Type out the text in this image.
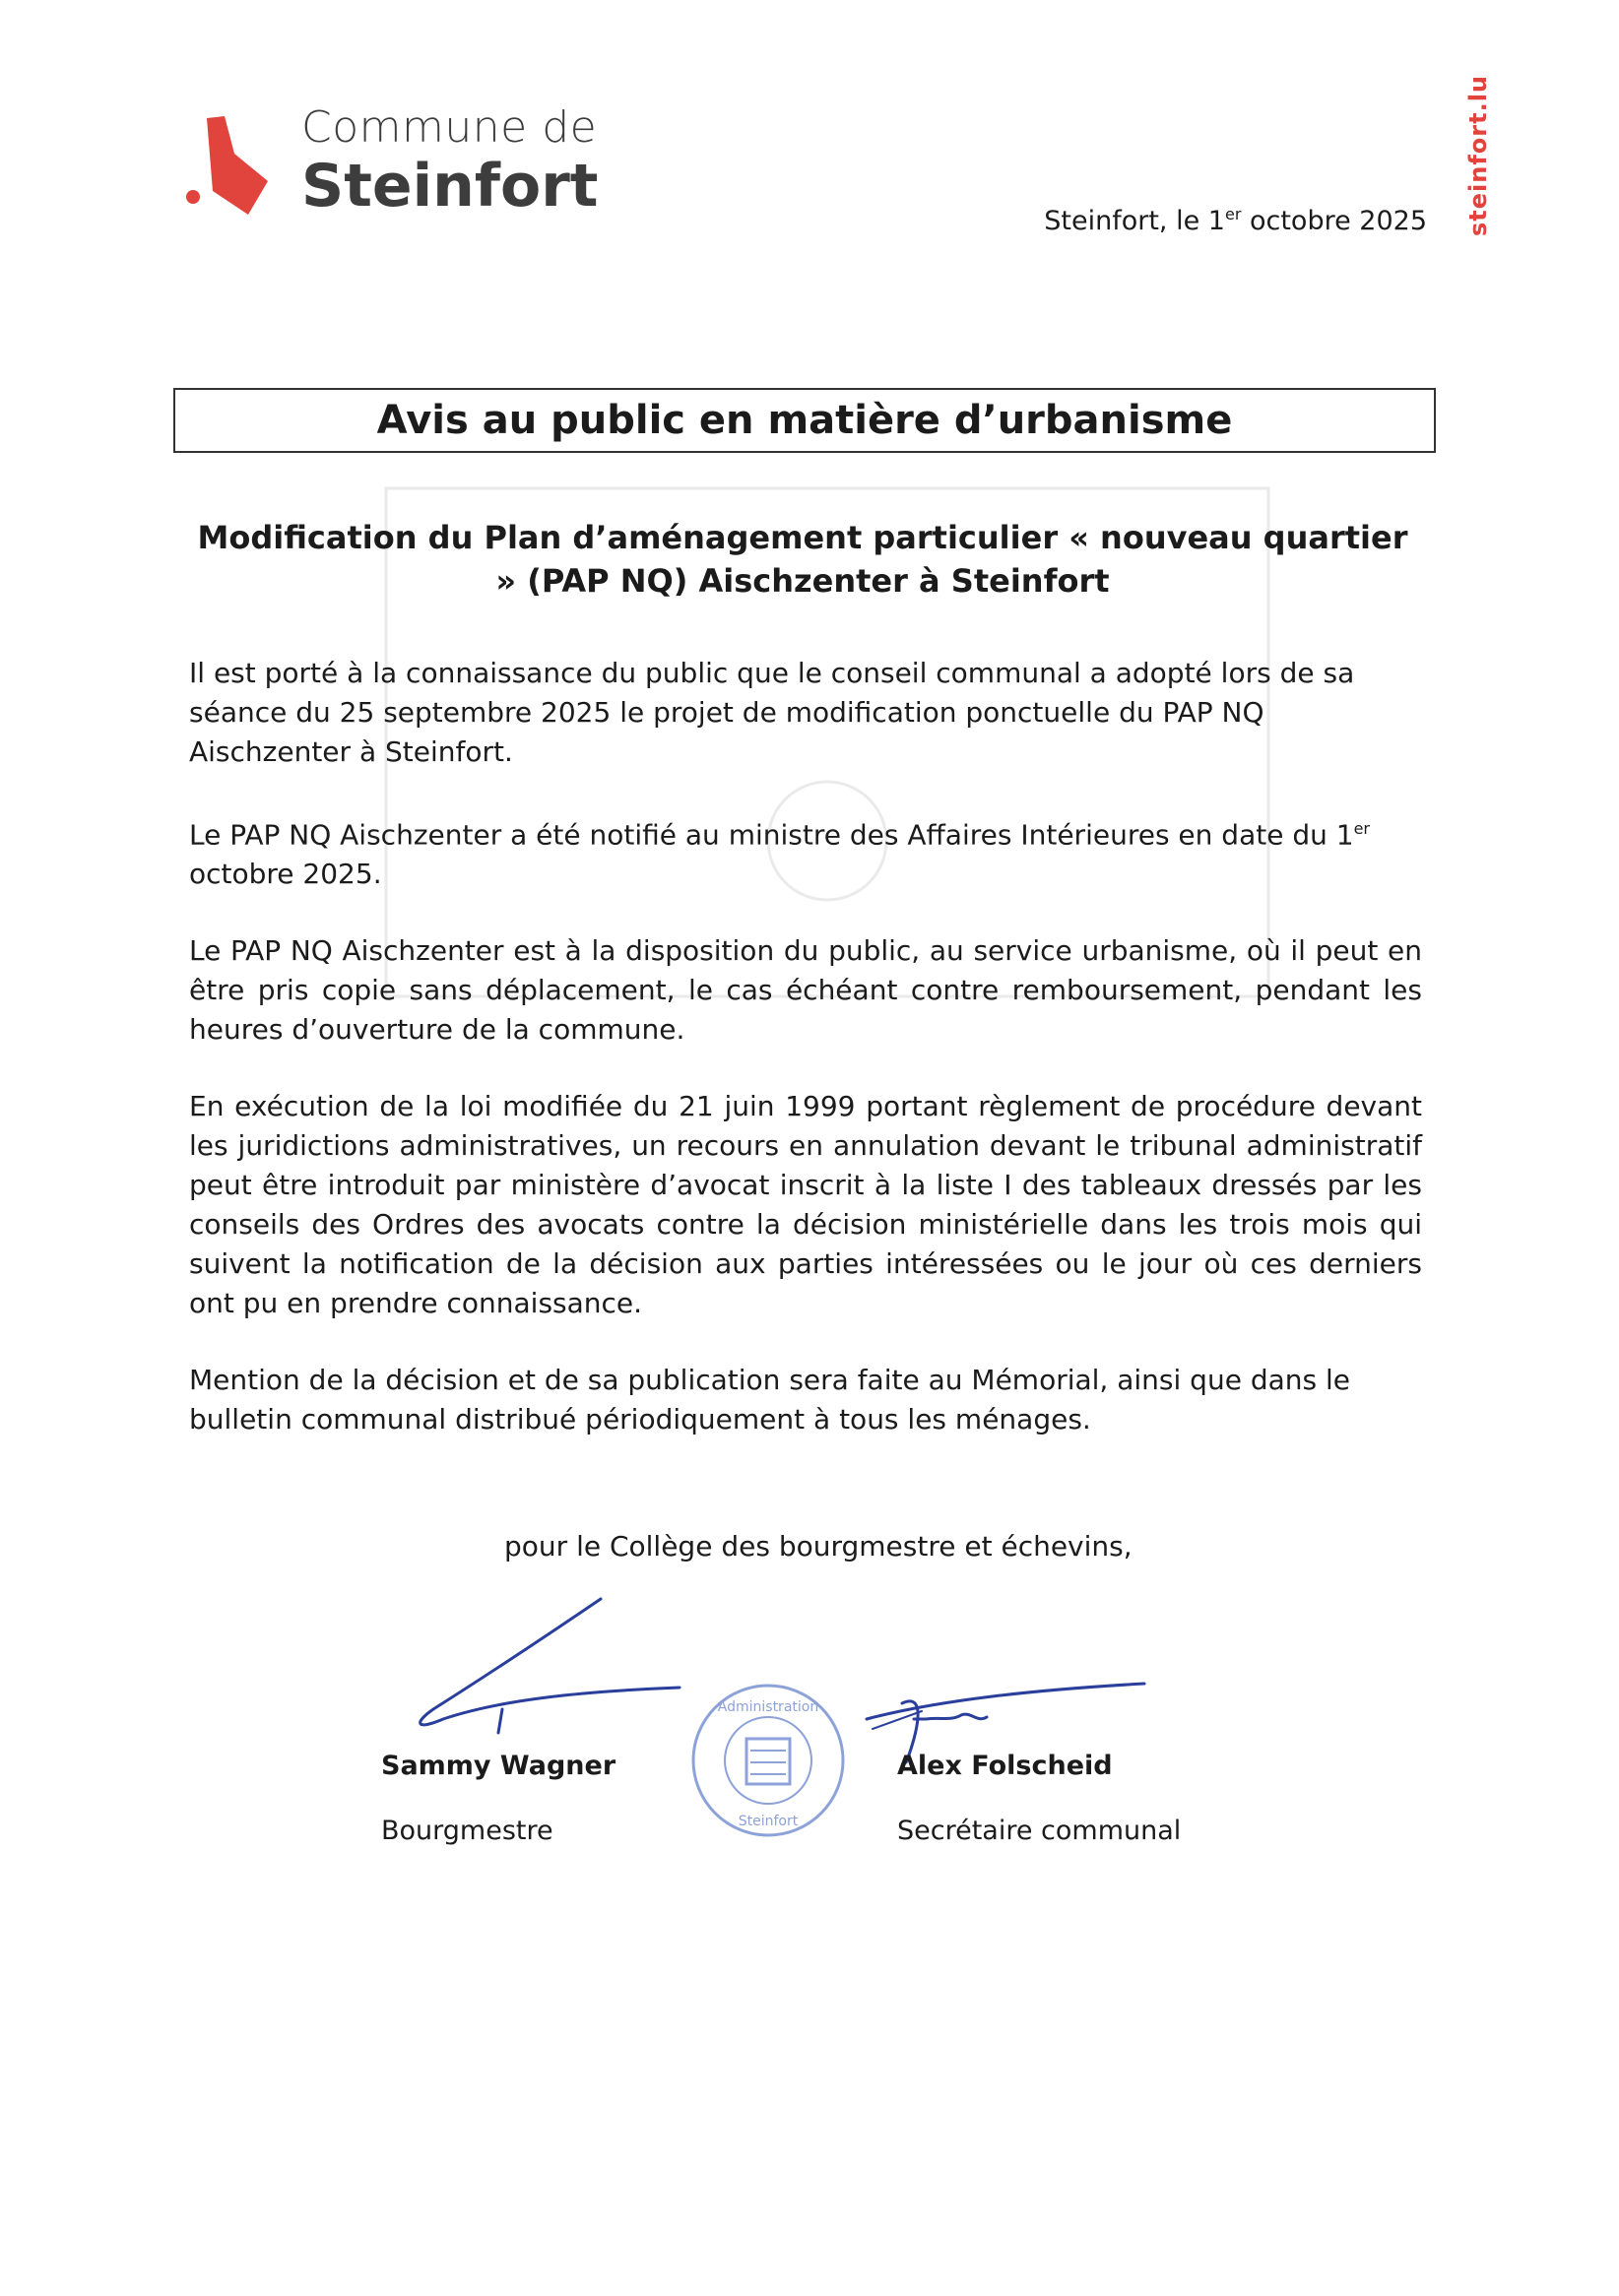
Commune de
Steinfort	steinfort.lu
Steinfort, le 1er octobre 2025
Avis au public en matière d’urbanisme
Modification du Plan d’aménagement particulier « nouveau quartier » (PAP NQ) Aischzenter à Steinfort

Il est porté à la connaissance du public que le conseil communal a adopté lors de sa séance du 25 septembre 2025 le projet de modification ponctuelle du PAP NQ Aischzenter à Steinfort.

Le PAP NQ Aischzenter a été notifié au ministre des Affaires Intérieures en date du 1er octobre 2025.

Le PAP NQ Aischzenter est à la disposition du public, au service urbanisme, où il peut en être pris copie sans déplacement, le cas échéant contre remboursement, pendant les heures d’ouverture de la commune.

En exécution de la loi modifiée du 21 juin 1999 portant règlement de procédure devant les juridictions administratives, un recours en annulation devant le tribunal administratif peut être introduit par ministère d’avocat inscrit à la liste I des tableaux dressés par les conseils des Ordres des avocats contre la décision ministérielle dans les trois mois qui suivent la notification de la décision aux parties intéressées ou le jour où ces derniers ont pu en prendre connaissance.

Mention de la décision et de sa publication sera faite au Mémorial, ainsi que dans le bulletin communal distribué périodiquement à tous les ménages.

pour le Collège des bourgmestre et échevins,
Sammy Wagner
Bourgmestre
Administration
Steinfort
Alex Folscheid
Secrétaire communal
